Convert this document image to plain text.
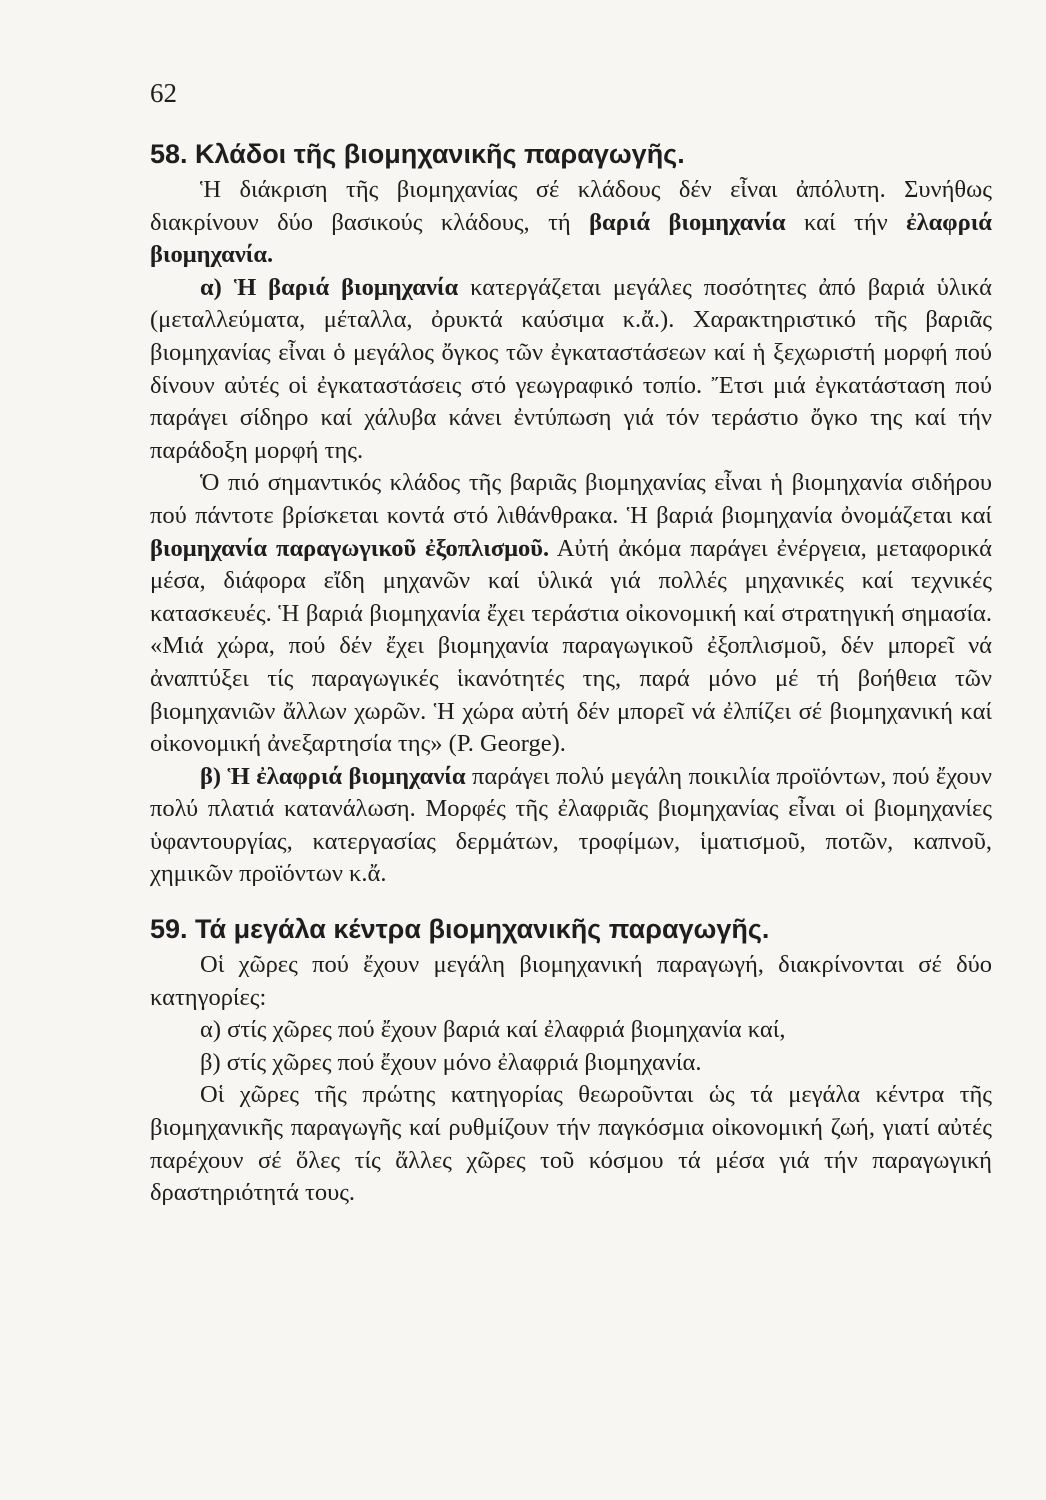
62
58. Κλάδοι τῆς βιομηχανικῆς παραγωγῆς.

Ἡ διάκριση τῆς βιομηχανίας σέ κλάδους δέν εἶναι ἀπόλυτη. Συνήθως διακρίνουν δύο βασικούς κλάδους, τή βαριά βιομηχανία καί τήν ἐλαφριά βιομηχανία.

α) Ἡ βαριά βιομηχανία κατεργάζεται μεγάλες ποσότητες ἀπό βαριά ὑλικά (μεταλλεύματα, μέταλλα, ὀρυκτά καύσιμα κ.ἄ.). Χαρακτηριστικό τῆς βαριᾶς βιομηχανίας εἶναι ὁ μεγάλος ὄγκος τῶν ἐγκαταστάσεων καί ἡ ξεχωριστή μορφή πού δίνουν αὐτές οἱ ἐγκαταστάσεις στό γεωγραφικό τοπίο. Ἔτσι μιά ἐγκατάσταση πού παράγει σίδηρο καί χάλυβα κάνει ἐντύπωση γιά τόν τεράστιο ὄγκο της καί τήν παράδοξη μορφή της.

Ὁ πιό σημαντικός κλάδος τῆς βαριᾶς βιομηχανίας εἶναι ἡ βιομηχανία σιδήρου πού πάντοτε βρίσκεται κοντά στό λιθάνθρακα. Ἡ βαριά βιομηχανία ὀνομάζεται καί βιομηχανία παραγωγικοῦ ἐξοπλισμοῦ. Αὐτή ἀκόμα παράγει ἐνέργεια, μεταφορικά μέσα, διάφορα εἴδη μηχανῶν καί ὑλικά γιά πολλές μηχανικές καί τεχνικές κατασκευές. Ἡ βαριά βιομηχανία ἔχει τεράστια οἰκονομική καί στρατηγική σημασία. «Μιά χώρα, πού δέν ἔχει βιομηχανία παραγωγικοῦ ἐξοπλισμοῦ, δέν μπορεῖ νά ἀναπτύξει τίς παραγωγικές ἱκανότητές της, παρά μόνο μέ τή βοήθεια τῶν βιομηχανιῶν ἄλλων χωρῶν. Ἡ χώρα αὐτή δέν μπορεῖ νά ἐλπίζει σέ βιομηχανική καί οἰκονομική ἀνεξαρτησία της» (P. George).

β) Ἡ ἐλαφριά βιομηχανία παράγει πολύ μεγάλη ποικιλία προϊόντων, πού ἔχουν πολύ πλατιά κατανάλωση. Μορφές τῆς ἐλαφριᾶς βιομηχανίας εἶναι οἱ βιομηχανίες ὑφαντουργίας, κατεργασίας δερμάτων, τροφίμων, ἱματισμοῦ, ποτῶν, καπνοῦ, χημικῶν προϊόντων κ.ἄ.

59. Τά μεγάλα κέντρα βιομηχανικῆς παραγωγῆς.

Οἱ χῶρες πού ἔχουν μεγάλη βιομηχανική παραγωγή, διακρίνονται σέ δύο κατηγορίες:

α) στίς χῶρες πού ἔχουν βαριά καί ἐλαφριά βιομηχανία καί,

β) στίς χῶρες πού ἔχουν μόνο ἐλαφριά βιομηχανία.

Οἱ χῶρες τῆς πρώτης κατηγορίας θεωροῦνται ὡς τά μεγάλα κέντρα τῆς βιομηχανικῆς παραγωγῆς καί ρυθμίζουν τήν παγκόσμια οἰκονομική ζωή, γιατί αὐτές παρέχουν σέ ὅλες τίς ἄλλες χῶρες τοῦ κόσμου τά μέσα γιά τήν παραγωγική δραστηριότητά τους.
